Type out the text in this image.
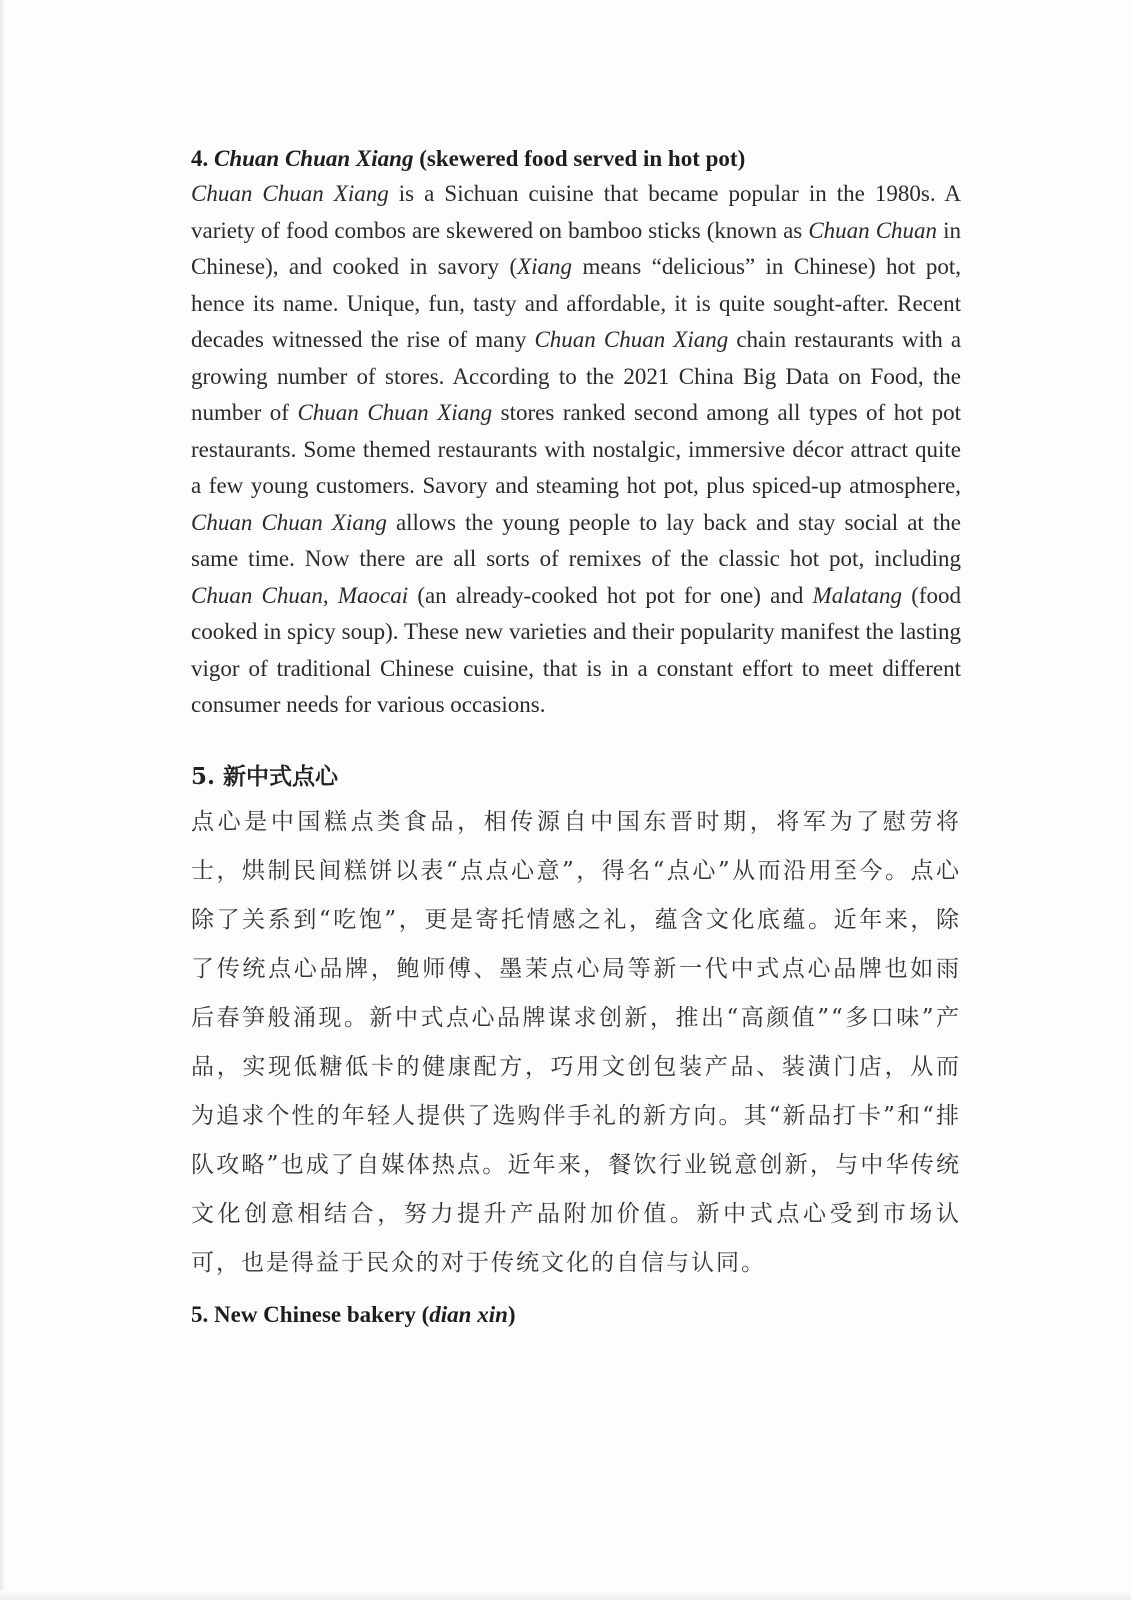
4. Chuan Chuan Xiang (skewered food served in hot pot)

Chuan Chuan Xiang is a Sichuan cuisine that became popular in the 1980s. A variety of food combos are skewered on bamboo sticks (known as Chuan Chuan in Chinese), and cooked in savory (Xiang means “delicious” in Chinese) hot pot, hence its name. Unique, fun, tasty and affordable, it is quite sought-after. Recent decades witnessed the rise of many Chuan Chuan Xiang chain restaurants with a growing number of stores. According to the 2021 China Big Data on Food, the number of Chuan Chuan Xiang stores ranked second among all types of hot pot restaurants. Some themed restaurants with nostalgic, immersive décor attract quite a few young customers. Savory and steaming hot pot, plus spiced-up atmosphere, Chuan Chuan Xiang allows the young people to lay back and stay social at the same time. Now there are all sorts of remixes of the classic hot pot, including Chuan Chuan, Maocai (an already-cooked hot pot for one) and Malatang (food cooked in spicy soup). These new varieties and their popularity manifest the lasting vigor of traditional Chinese cuisine, that is in a constant effort to meet different consumer needs for various occasions.

5. 新中式点心

点心是中国糕点类食品，相传源自中国东晋时期，将军为了慰劳将士，烘制民间糕饼以表“点点心意”，得名“点心”从而沿用至今。点心除了关系到“吃饱”，更是寄托情感之礼，蕴含文化底蕴。近年来，除了传统点心品牌，鲍师傅、墨茉点心局等新一代中式点心品牌也如雨后春笋般涌现。新中式点心品牌谋求创新，推出“高颜值”“多口味”产品，实现低糖低卡的健康配方，巧用文创包装产品、装潢门店，从而为追求个性的年轻人提供了选购伴手礼的新方向。其“新品打卡”和“排队攻略”也成了自媒体热点。近年来，餐饮行业锐意创新，与中华传统文化创意相结合，努力提升产品附加价值。新中式点心受到市场认可，也是得益于民众的对于传统文化的自信与认同。

5. New Chinese bakery (dian xin)
